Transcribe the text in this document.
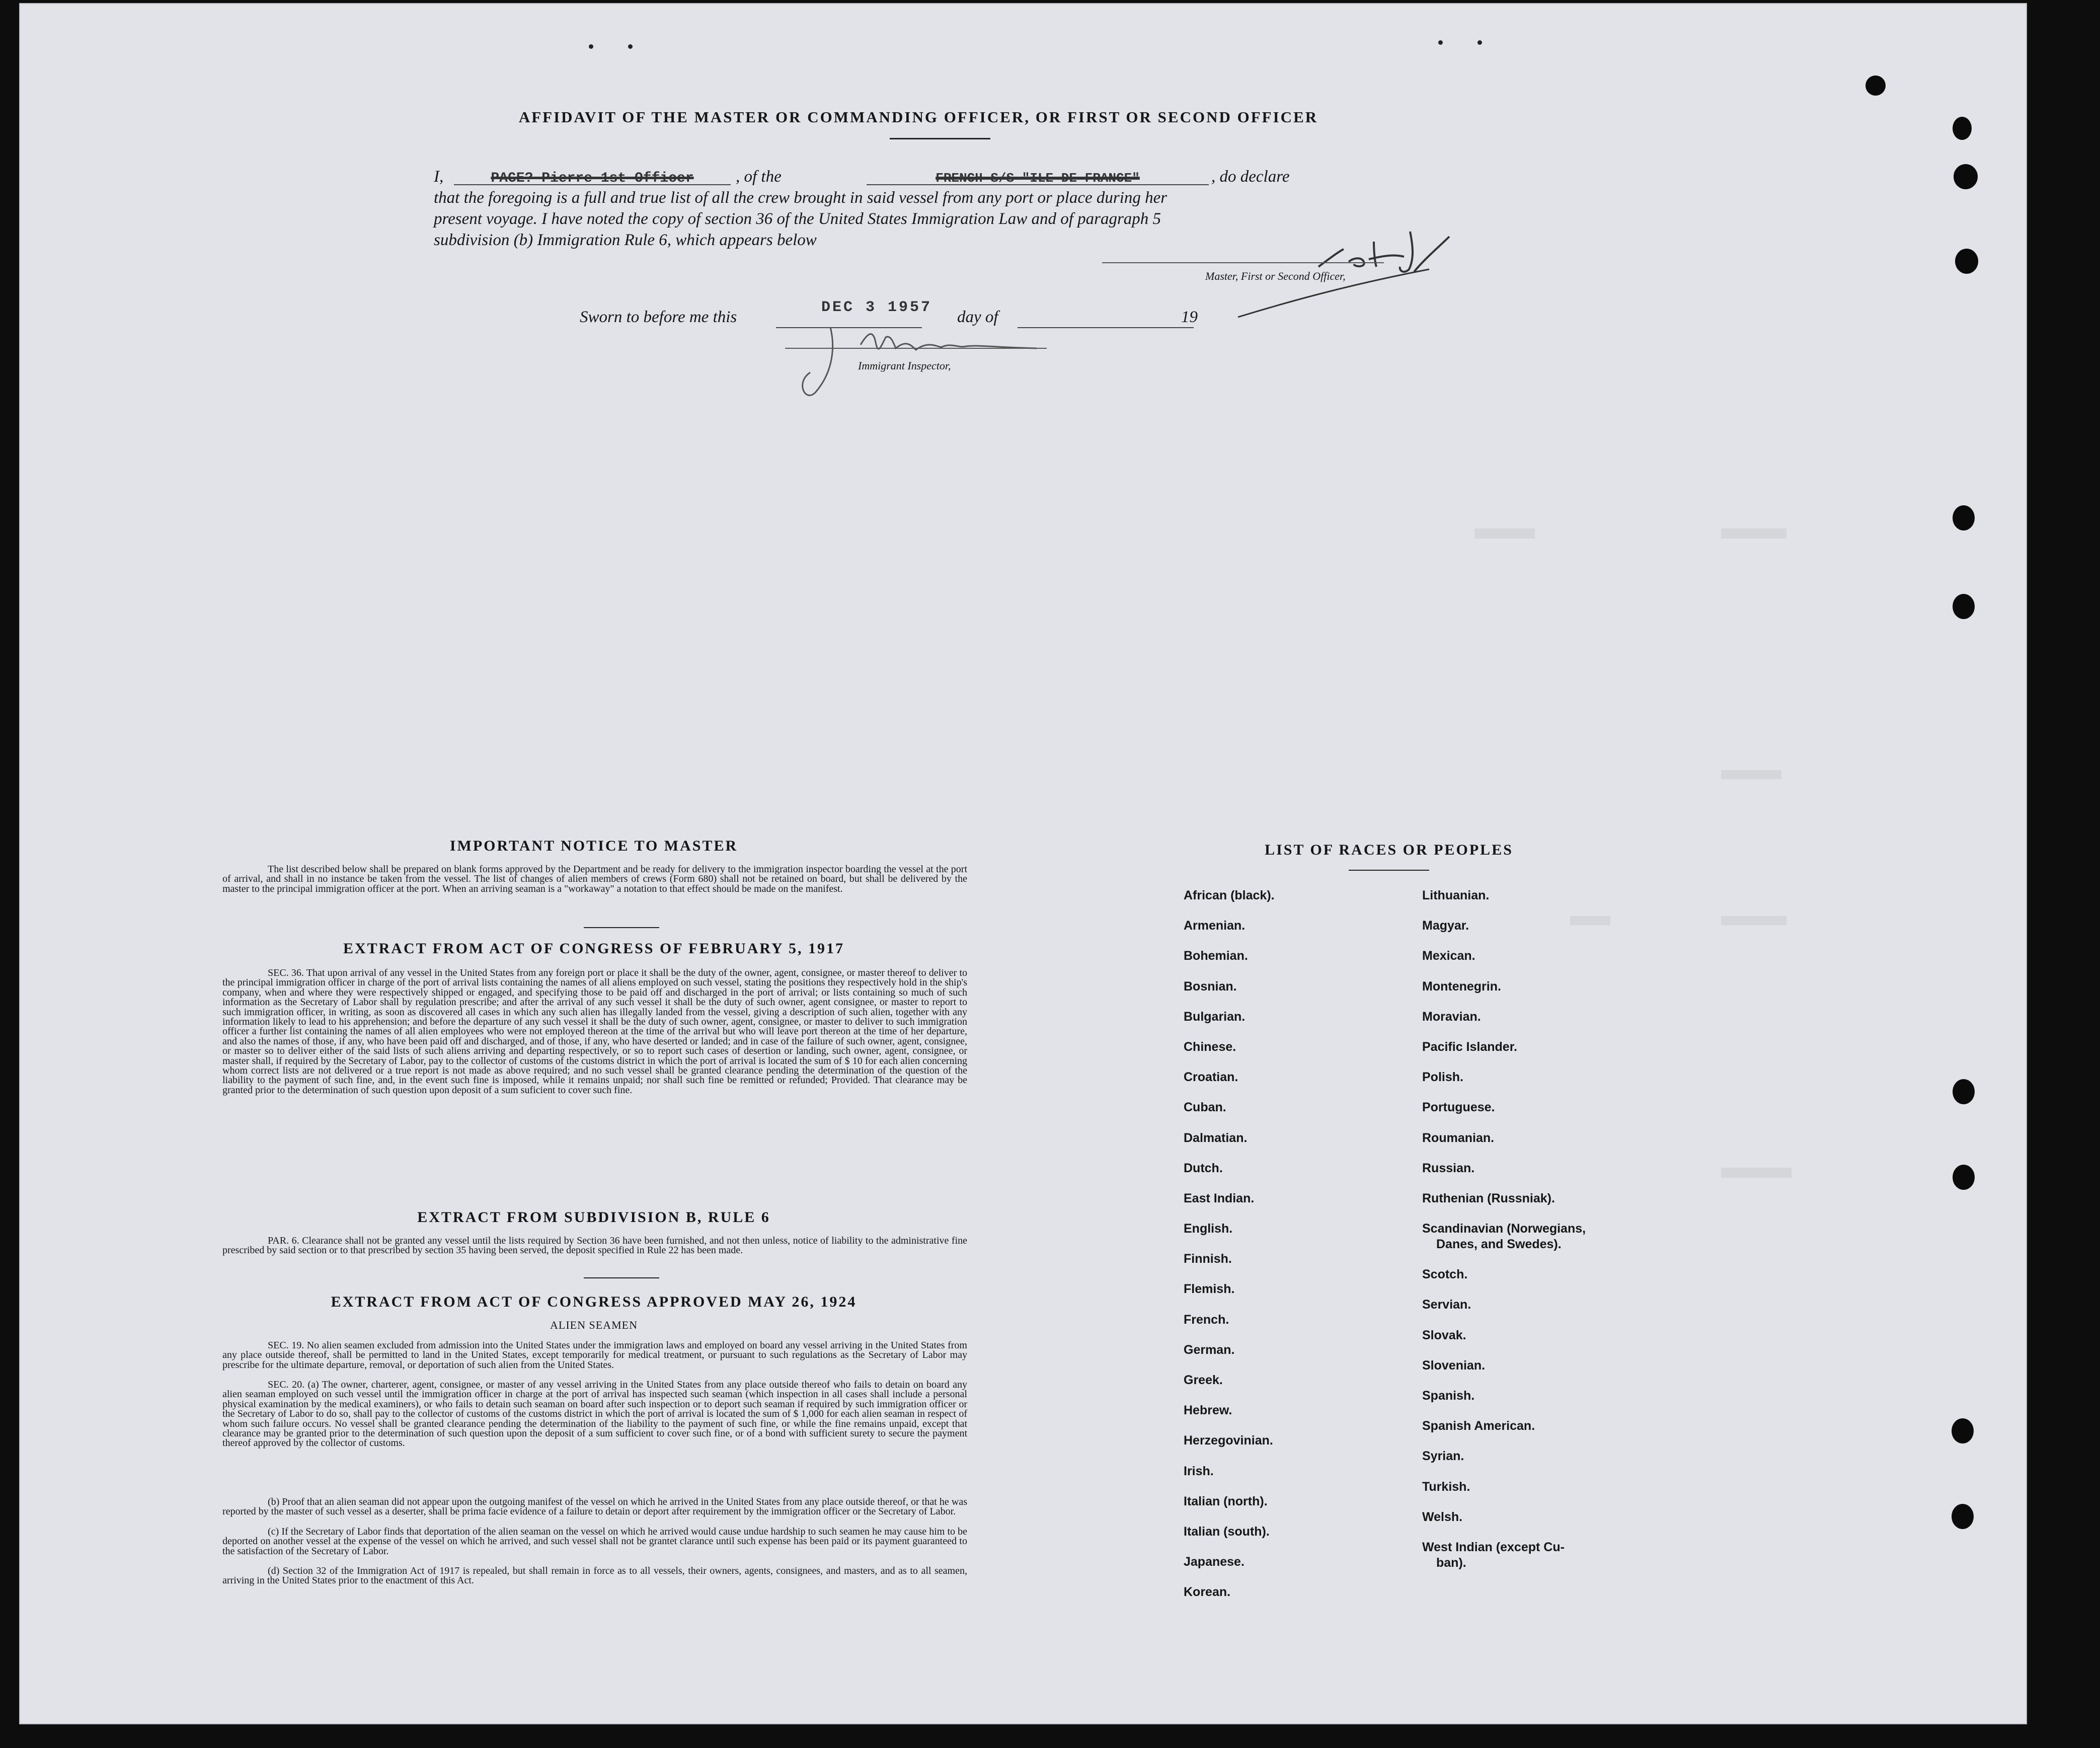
AFFIDAVIT OF THE MASTER OR COMMANDING OFFICER, OR FIRST OR SECOND OFFICER
I,	PAGE? Pierre 1st Officer	, of the	FRENCH S/S "ILE DE FRANCE"	, do declare
that the foregoing is a full and true list of all the crew brought in said vessel from any port or place during her
present voyage. I have noted the copy of section 36 of the United States Immigration Law and of paragraph 5
subdivision (b) Immigration Rule 6, which appears below
Master, First or Second Officer,
Sworn to before me this
DEC 3 1957
day of	19
Immigrant Inspector,
IMPORTANT NOTICE TO MASTER
The list described below shall be prepared on blank forms approved by the Department and be ready for delivery to the immigration inspector boarding the vessel at the port of arrival, and shall in no instance be taken from the vessel. The list of changes of alien members of crews (Form 680) shall not be retained on board, but shall be delivered by the master to the principal immigration officer at the port. When an arriving seaman is a "workaway" a notation to that effect should be made on the manifest.
EXTRACT FROM ACT OF CONGRESS OF FEBRUARY 5, 1917
SEC. 36. That upon arrival of any vessel in the United States from any foreign port or place it shall be the duty of the owner, agent, consignee, or master thereof to deliver to the principal immigration officer in charge of the port of arrival lists containing the names of all aliens employed on such vessel, stating the positions they respectively hold in the ship's company, when and where they were respectively shipped or engaged, and specifying those to be paid off and discharged in the port of arrival; or lists containing so much of such information as the Secretary of Labor shall by regulation prescribe; and after the arrival of any such vessel it shall be the duty of such owner, agent consignee, or master to report to such immigration officer, in writing, as soon as discovered all cases in which any such alien has illegally landed from the vessel, giving a description of such alien, together with any information likely to lead to his apprehension; and before the departure of any such vessel it shall be the duty of such owner, agent, consignee, or master to deliver to such immigration officer a further list containing the names of all alien employees who were not employed thereon at the time of the arrival but who will leave port thereon at the time of her departure, and also the names of those, if any, who have been paid off and discharged, and of those, if any, who have deserted or landed; and in case of the failure of such owner, agent, consignee, or master so to deliver either of the said lists of such aliens arriving and departing respectively, or so to report such cases of desertion or landing, such owner, agent, consignee, or master shall, if required by the Secretary of Labor, pay to the collector of customs of the customs district in which the port of arrival is located the sum of $ 10 for each alien concerning whom correct lists are not delivered or a true report is not made as above required; and no such vessel shall be granted clearance pending the determination of the question of the liability to the payment of such fine, and, in the event such fine is imposed, while it remains unpaid; nor shall such fine be remitted or refunded; Provided. That clearance may be granted prior to the determination of such question upon deposit of a sum suficient to cover such fine.
EXTRACT FROM SUBDIVISION B, RULE 6
PAR. 6. Clearance shall not be granted any vessel until the lists required by Section 36 have been furnished, and not then unless, notice of liability to the administrative fine prescribed by said section or to that prescribed by section 35 having been served, the deposit specified in Rule 22 has been made.
EXTRACT FROM ACT OF CONGRESS APPROVED MAY 26, 1924
ALIEN SEAMEN
SEC. 19. No alien seamen excluded from admission into the United States under the immigration laws and employed on board any vessel arriving in the United States from any place outside thereof, shall be permitted to land in the United States, except temporarily for medical treatment, or pursuant to such regulations as the Secretary of Labor may prescribe for the ultimate departure, removal, or deportation of such alien from the United States.
SEC. 20. (a) The owner, charterer, agent, consignee, or master of any vessel arriving in the United States from any place outside thereof who fails to detain on board any alien seaman employed on such vessel until the immigration officer in charge at the port of arrival has inspected such seaman (which inspection in all cases shall include a personal physical examination by the medical examiners), or who fails to detain such seaman on board after such inspection or to deport such seaman if required by such immigration officer or the Secretary of Labor to do so, shall pay to the collector of customs of the customs district in which the port of arrival is located the sum of $ 1,000 for each alien seaman in respect of whom such failure occurs. No vessel shall be granted clearance pending the determination of the liability to the payment of such fine, or while the fine remains unpaid, except that clearance may be granted prior to the determination of such question upon the deposit of a sum sufficient to cover such fine, or of a bond with sufficient surety to secure the payment thereof approved by the collector of customs.
(b) Proof that an alien seaman did not appear upon the outgoing manifest of the vessel on which he arrived in the United States from any place outside thereof, or that he was reported by the master of such vessel as a deserter, shall be prima facie evidence of a failure to detain or deport after requirement by the immigration officer or the Secretary of Labor.
(c) If the Secretary of Labor finds that deportation of the alien seaman on the vessel on which he arrived would cause undue hardship to such seamen he may cause him to be deported on another vessel at the expense of the vessel on which he arrived, and such vessel shall not be grantet clarance until such expense has been paid or its payment guaranteed to the satisfaction of the Secretary of Labor.
(d) Section 32 of the Immigration Act of 1917 is repealed, but shall remain in force as to all vessels, their owners, agents, consignees, and masters, and as to all seamen, arriving in the United States prior to the enactment of this Act.
LIST OF RACES OR PEOPLES
African (black).
Armenian.
Bohemian.
Bosnian.
Bulgarian.
Chinese.
Croatian.
Cuban.
Dalmatian.
Dutch.
East Indian.
English.
Finnish.
Flemish.
French.
German.
Greek.
Hebrew.
Herzegovinian.
Irish.
Italian (north).
Italian (south).
Japanese.
Korean.
Lithuanian.
Magyar.
Mexican.
Montenegrin.
Moravian.
Pacific Islander.
Polish.
Portuguese.
Roumanian.
Russian.
Ruthenian (Russniak).
Scandinavian (Norwegians,
Danes, and Swedes).
Scotch.
Servian.
Slovak.
Slovenian.
Spanish.
Spanish American.
Syrian.
Turkish.
Welsh.
West Indian (except Cu-
ban).
